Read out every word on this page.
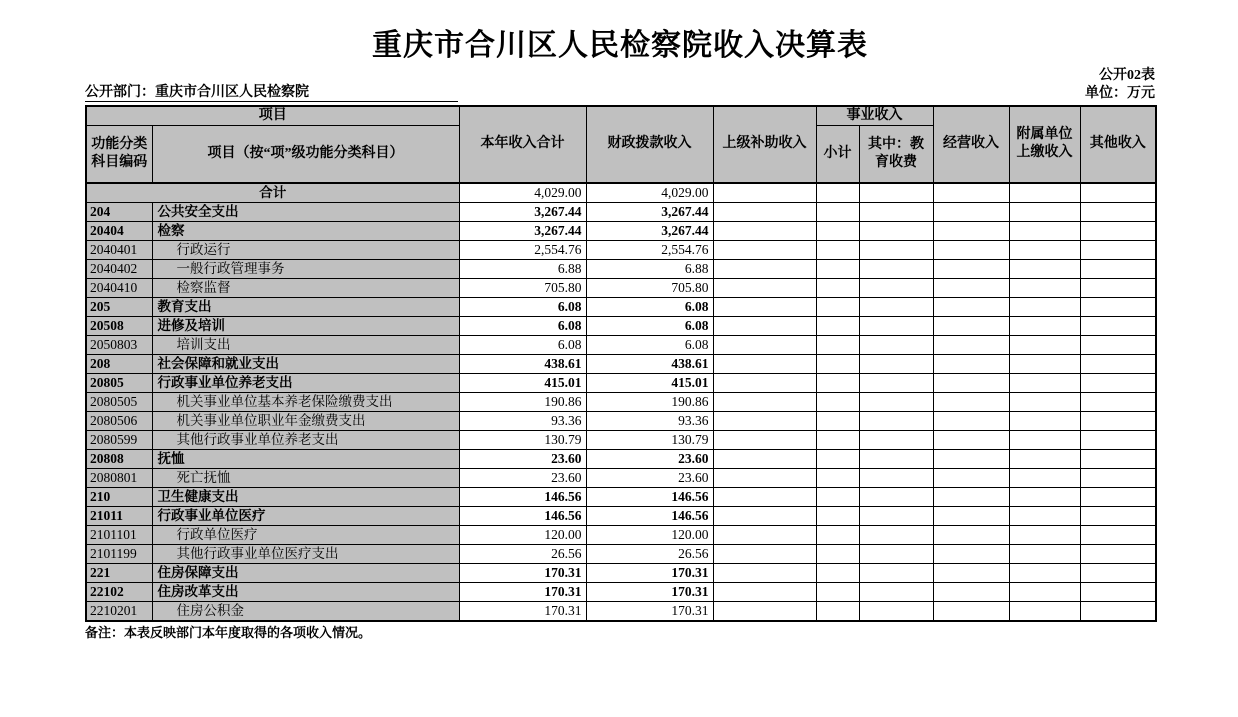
重庆市合川区人民检察院收入决算表
公开02表
公开部门：重庆市合川区人民检察院	单位：万元
项目		本年收入合计	财政拨款收入	上级补助收入	事业收入		经营收入	附属单位上缴收入	其他收入
功能分类科目编码	项目（按“项”级功能分类科目）				小计	其中：教育收费			
合计		4,029.00	4,029.00						
204	公共安全支出	3,267.44	3,267.44						
20404	检察	3,267.44	3,267.44						
2040401	行政运行	2,554.76	2,554.76						
2040402	一般行政管理事务	6.88	6.88						
2040410	检察监督	705.80	705.80						
205	教育支出	6.08	6.08						
20508	进修及培训	6.08	6.08						
2050803	培训支出	6.08	6.08						
208	社会保障和就业支出	438.61	438.61						
20805	行政事业单位养老支出	415.01	415.01						
2080505	机关事业单位基本养老保险缴费支出	190.86	190.86						
2080506	机关事业单位职业年金缴费支出	93.36	93.36						
2080599	其他行政事业单位养老支出	130.79	130.79						
20808	抚恤	23.60	23.60						
2080801	死亡抚恤	23.60	23.60						
210	卫生健康支出	146.56	146.56						
21011	行政事业单位医疗	146.56	146.56						
2101101	行政单位医疗	120.00	120.00						
2101199	其他行政事业单位医疗支出	26.56	26.56						
221	住房保障支出	170.31	170.31						
22102	住房改革支出	170.31	170.31						
2210201	住房公积金	170.31	170.31						
备注：本表反映部门本年度取得的各项收入情况。
